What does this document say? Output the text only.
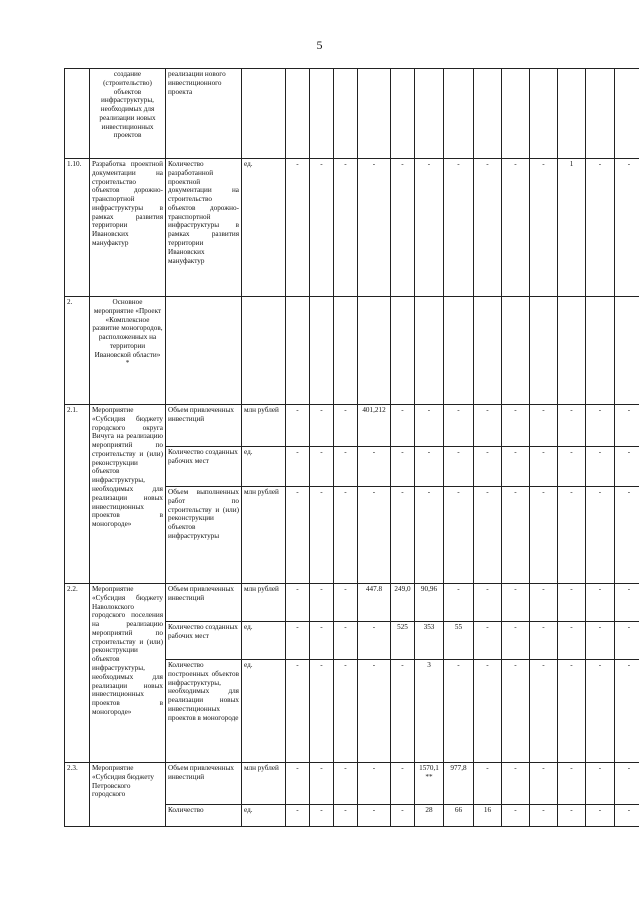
5
	создание (строительство) объектов инфраструктуры, необходимых для реализации новых инвестиционных проектов	реализации нового инвестиционного проекта														
1.10.	Разработка проектной документации на строительство объектов дорожно-транспортной инфраструктуры в рамках развития территории Ивановских мануфактур	Количество разработанной проектной документации на строительство объектов дорожно-транспортной инфраструктуры в рамках развития территории Ивановских мануфактур	ед.	-	-	-	-	-	-	-	-	-	-	1	-	-
2.	Основное мероприятие «Проект «Комплексное развитие моногородов, расположенных на территории Ивановской области» *															
2.1.	Мероприятие «Субсидия бюджету городского округа Вичуга на реализацию мероприятий по строительству и (или) реконструкции объектов инфраструктуры, необходимых для реализации новых инвестиционных проектов в моногороде»	Объем привлеченных инвестиций	млн рублей	-	-	-	401,212	-	-	-	-	-	-	-	-	-
		Количество созданных рабочих мест	ед.	-	-	-	-	-	-	-	-	-	-	-	-	-
		Объем выполненных работ по строительству и (или) реконструкции объектов инфраструктуры	млн рублей	-	-	-	-	-	-	-	-	-	-	-	-	-
2.2.	Мероприятие «Субсидия бюджету Наволокского городского поселения на реализацию мероприятий по строительству и (или) реконструкции объектов инфраструктуры, необходимых для реализации новых инвестиционных проектов в моногороде»	Объем привлеченных инвестиций	млн рублей	-	-	-	447.8	249,0	90,96	-	-	-	-	-	-	-
		Количество созданных рабочих мест	ед.	-	-	-	-	525	353	55	-	-	-	-	-	-
		Количество построенных объектов инфраструктуры, необходимых для реализации новых инвестиционных проектов в моногороде	ед.	-	-	-	-	-	3	-	-	-	-	-	-	-
2.3.	Мероприятие «Субсидия бюджету Петровского городского	Объем привлеченных инвестиций	млн рублей	-	-	-	-	-	1570,1 **	977,8	-	-	-	-	-	-
		Количество	ед.	-	-	-	-	-	28	66	16	-	-	-	-	-
